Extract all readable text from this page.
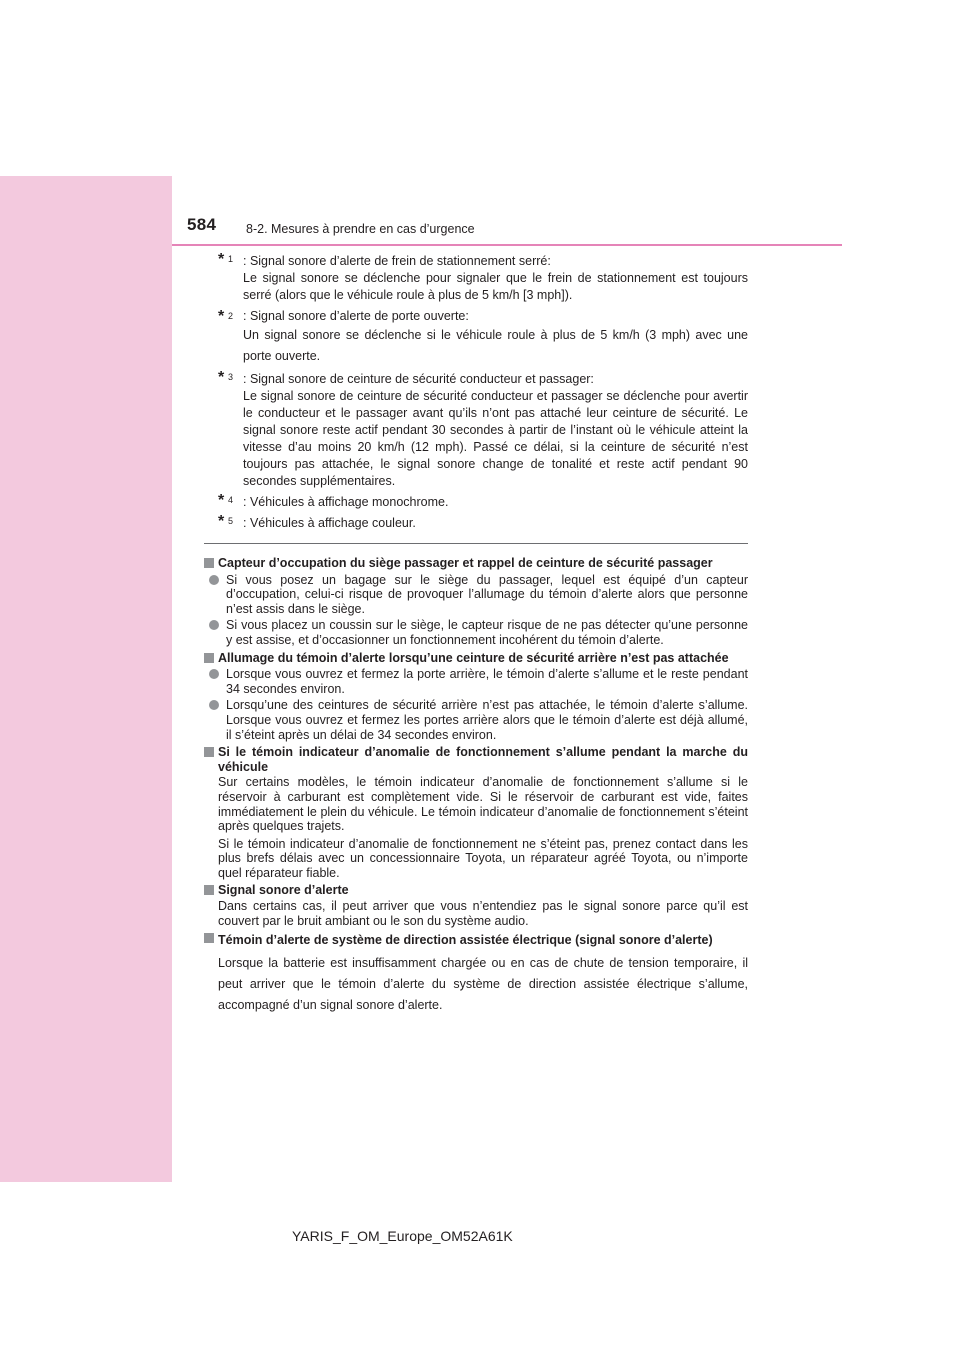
584 8-2. Mesures à prendre en cas d’urgence
* 1 : Signal sonore d’alerte de frein de stationnement serré:
Le signal sonore se déclenche pour signaler que le frein de stationnement est toujours serré (alors que le véhicule roule à plus de 5 km/h [3 mph]).
* 2 : Signal sonore d’alerte de porte ouverte:
Un signal sonore se déclenche si le véhicule roule à plus de 5 km/h (3 mph) avec une porte ouverte.
* 3 : Signal sonore de ceinture de sécurité conducteur et passager:
Le signal sonore de ceinture de sécurité conducteur et passager se déclenche pour avertir le conducteur et le passager avant qu’ils n’ont pas attaché leur ceinture de sécurité. Le signal sonore reste actif pendant 30 secondes à partir de l’instant où le véhicule atteint la vitesse d’au moins 20 km/h (12 mph). Passé ce délai, si la ceinture de sécurité n’est toujours pas attachée, le signal sonore change de tonalité et reste actif pendant 90 secondes supplémentaires.
* 4 : Véhicules à affichage monochrome.
* 5 : Véhicules à affichage couleur.
Capteur d’occupation du siège passager et rappel de ceinture de sécurité passager
Si vous posez un bagage sur le siège du passager, lequel est équipé d’un capteur d’occupation, celui-ci risque de provoquer l’allumage du témoin d’alerte alors que personne n’est assis dans le siège.
Si vous placez un coussin sur le siège, le capteur risque de ne pas détecter qu’une personne y est assise, et d’occasionner un fonctionnement incohérent du témoin d’alerte.
Allumage du témoin d’alerte lorsqu’une ceinture de sécurité arrière n’est pas attachée
Lorsque vous ouvrez et fermez la porte arrière, le témoin d’alerte s’allume et le reste pendant 34 secondes environ.
Lorsqu’une des ceintures de sécurité arrière n’est pas attachée, le témoin d’alerte s’allume. Lorsque vous ouvrez et fermez les portes arrière alors que le témoin d’alerte est déjà allumé, il s’éteint après un délai de 34 secondes environ.
Si le témoin indicateur d’anomalie de fonctionnement s’allume pendant la marche du véhicule
Sur certains modèles, le témoin indicateur d’anomalie de fonctionnement s’allume si le réservoir à carburant est complètement vide. Si le réservoir de carburant est vide, faites immédiatement le plein du véhicule. Le témoin indicateur d’anomalie de fonctionnement s’éteint après quelques trajets.
Si le témoin indicateur d’anomalie de fonctionnement ne s’éteint pas, prenez contact dans les plus brefs délais avec un concessionnaire Toyota, un réparateur agréé Toyota, ou n’importe quel réparateur fiable.
Signal sonore d’alerte
Dans certains cas, il peut arriver que vous n’entendiez pas le signal sonore parce qu’il est couvert par le bruit ambiant ou le son du système audio.
Témoin d’alerte de système de direction assistée électrique (signal sonore d’alerte)
Lorsque la batterie est insuffisamment chargée ou en cas de chute de tension temporaire, il peut arriver que le témoin d’alerte du système de direction assistée électrique s’allume, accompagné d’un signal sonore d’alerte.
YARIS_F_OM_Europe_OM52A61K
